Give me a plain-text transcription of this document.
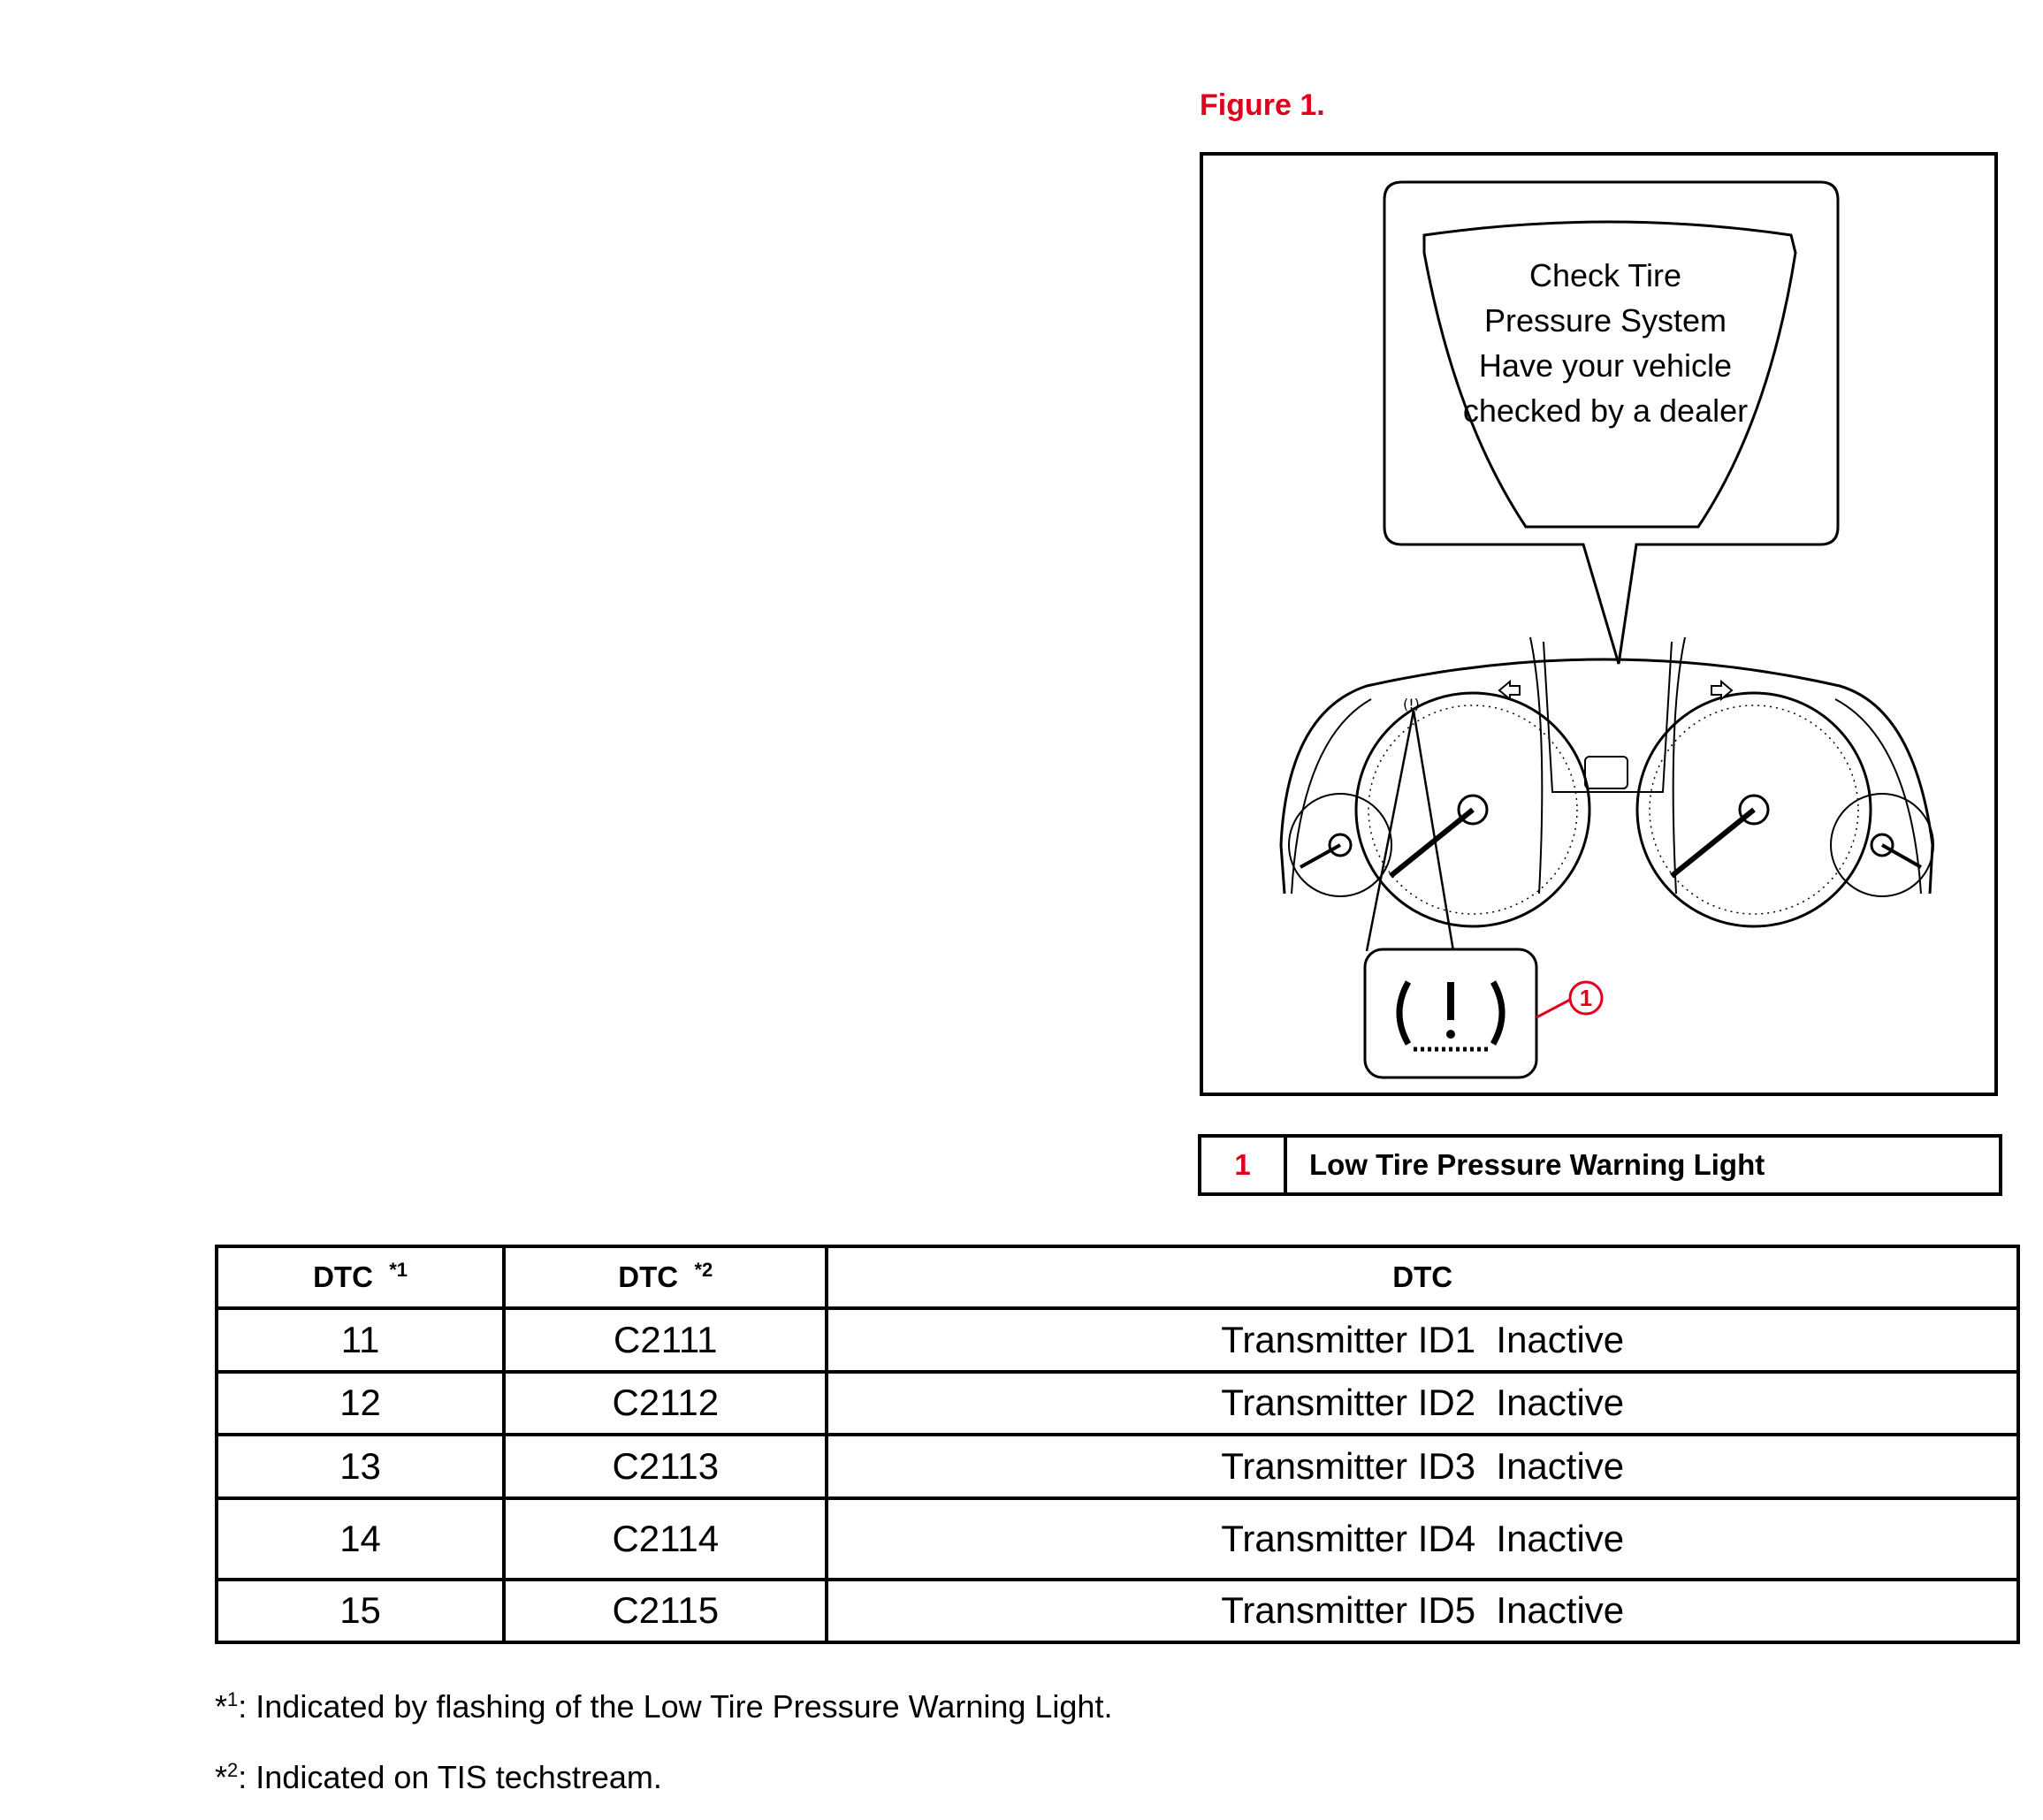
Figure 1.
(!)
1
Check Tire
Pressure System
Have your vehicle
checked by a dealer
1	Low Tire Pressure Warning Light
DTC $^{*1}$	DTC $^{*2}$	DTC
11	C2111	Transmitter ID1  Inactive
12	C2112	Transmitter ID2  Inactive
13	C2113	Transmitter ID3  Inactive
14	C2114	Transmitter ID4  Inactive
15	C2115	Transmitter ID5  Inactive
*$^1$: Indicated by flashing of the Low Tire Pressure Warning Light.
*$^2$: Indicated on TIS techstream.
